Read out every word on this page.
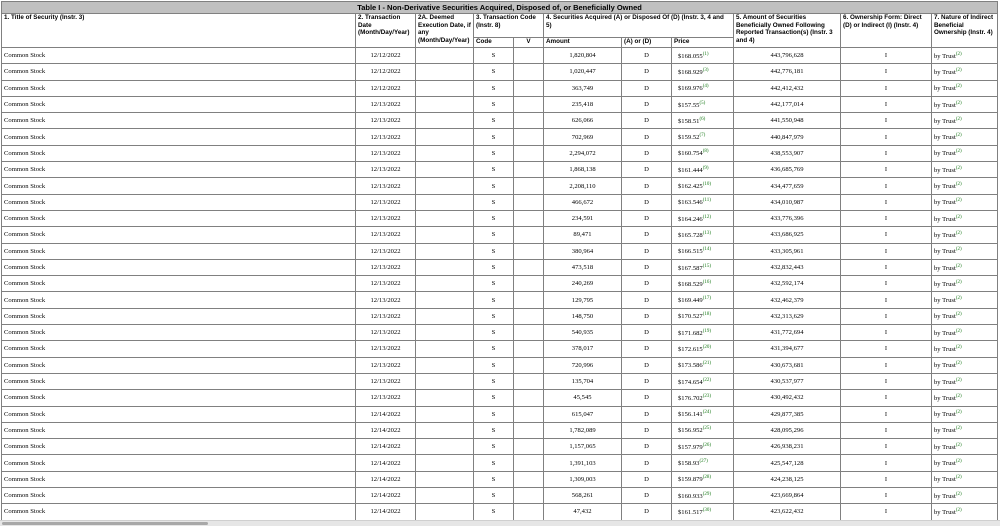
Table I - Non-Derivative Securities Acquired, Disposed of, or Beneficially Owned										
1. Title of Security (Instr. 3)	2. Transaction Date (Month/Day/Year)	2A. Deemed Execution Date, if any (Month/Day/Year)	3. Transaction Code (Instr. 8)		4. Securities Acquired (A) or Disposed Of (D) (Instr. 3, 4 and 5)			5. Amount of Securities Beneficially Owned Following Reported Transaction(s) (Instr. 3 and 4)	6. Ownership Form: Direct (D) or Indirect (I) (Instr. 4)	7. Nature of Indirect Beneficial Ownership (Instr. 4)
			Code	V	Amount	(A) or (D)	Price			
Common Stock	12/12/2022		S		1,820,804	D	$168.055$^{(1)}$	443,796,628	I	by Trust$^{(2)}$
Common Stock	12/12/2022		S		1,020,447	D	$168.929$^{(3)}$	442,776,181	I	by Trust$^{(2)}$
Common Stock	12/12/2022		S		363,749	D	$169.976$^{(4)}$	442,412,432	I	by Trust$^{(2)}$
Common Stock	12/13/2022		S		235,418	D	$157.55$^{(5)}$	442,177,014	I	by Trust$^{(2)}$
Common Stock	12/13/2022		S		626,066	D	$158.51$^{(6)}$	441,550,948	I	by Trust$^{(2)}$
Common Stock	12/13/2022		S		702,969	D	$159.52$^{(7)}$	440,847,979	I	by Trust$^{(2)}$
Common Stock	12/13/2022		S		2,294,072	D	$160.754$^{(8)}$	438,553,907	I	by Trust$^{(2)}$
Common Stock	12/13/2022		S		1,868,138	D	$161.444$^{(9)}$	436,685,769	I	by Trust$^{(2)}$
Common Stock	12/13/2022		S		2,208,110	D	$162.425$^{(10)}$	434,477,659	I	by Trust$^{(2)}$
Common Stock	12/13/2022		S		466,672	D	$163.546$^{(11)}$	434,010,987	I	by Trust$^{(2)}$
Common Stock	12/13/2022		S		234,591	D	$164.246$^{(12)}$	433,776,396	I	by Trust$^{(2)}$
Common Stock	12/13/2022		S		89,471	D	$165.728$^{(13)}$	433,686,925	I	by Trust$^{(2)}$
Common Stock	12/13/2022		S		380,964	D	$166.515$^{(14)}$	433,305,961	I	by Trust$^{(2)}$
Common Stock	12/13/2022		S		473,518	D	$167.587$^{(15)}$	432,832,443	I	by Trust$^{(2)}$
Common Stock	12/13/2022		S		240,269	D	$168.529$^{(16)}$	432,592,174	I	by Trust$^{(2)}$
Common Stock	12/13/2022		S		129,795	D	$169.449$^{(17)}$	432,462,379	I	by Trust$^{(2)}$
Common Stock	12/13/2022		S		148,750	D	$170.527$^{(18)}$	432,313,629	I	by Trust$^{(2)}$
Common Stock	12/13/2022		S		540,935	D	$171.682$^{(19)}$	431,772,694	I	by Trust$^{(2)}$
Common Stock	12/13/2022		S		378,017	D	$172.615$^{(20)}$	431,394,677	I	by Trust$^{(2)}$
Common Stock	12/13/2022		S		720,996	D	$173.586$^{(21)}$	430,673,681	I	by Trust$^{(2)}$
Common Stock	12/13/2022		S		135,704	D	$174.654$^{(22)}$	430,537,977	I	by Trust$^{(2)}$
Common Stock	12/13/2022		S		45,545	D	$176.702$^{(23)}$	430,492,432	I	by Trust$^{(2)}$
Common Stock	12/14/2022		S		615,047	D	$156.141$^{(24)}$	429,877,385	I	by Trust$^{(2)}$
Common Stock	12/14/2022		S		1,782,089	D	$156.952$^{(25)}$	428,095,296	I	by Trust$^{(2)}$
Common Stock	12/14/2022		S		1,157,065	D	$157.979$^{(26)}$	426,938,231	I	by Trust$^{(2)}$
Common Stock	12/14/2022		S		1,391,103	D	$158.93$^{(27)}$	425,547,128	I	by Trust$^{(2)}$
Common Stock	12/14/2022		S		1,309,003	D	$159.879$^{(28)}$	424,238,125	I	by Trust$^{(2)}$
Common Stock	12/14/2022		S		568,261	D	$160.933$^{(29)}$	423,669,864	I	by Trust$^{(2)}$
Common Stock	12/14/2022		S		47,432	D	$161.517$^{(30)}$	423,622,432	I	by Trust$^{(2)}$
